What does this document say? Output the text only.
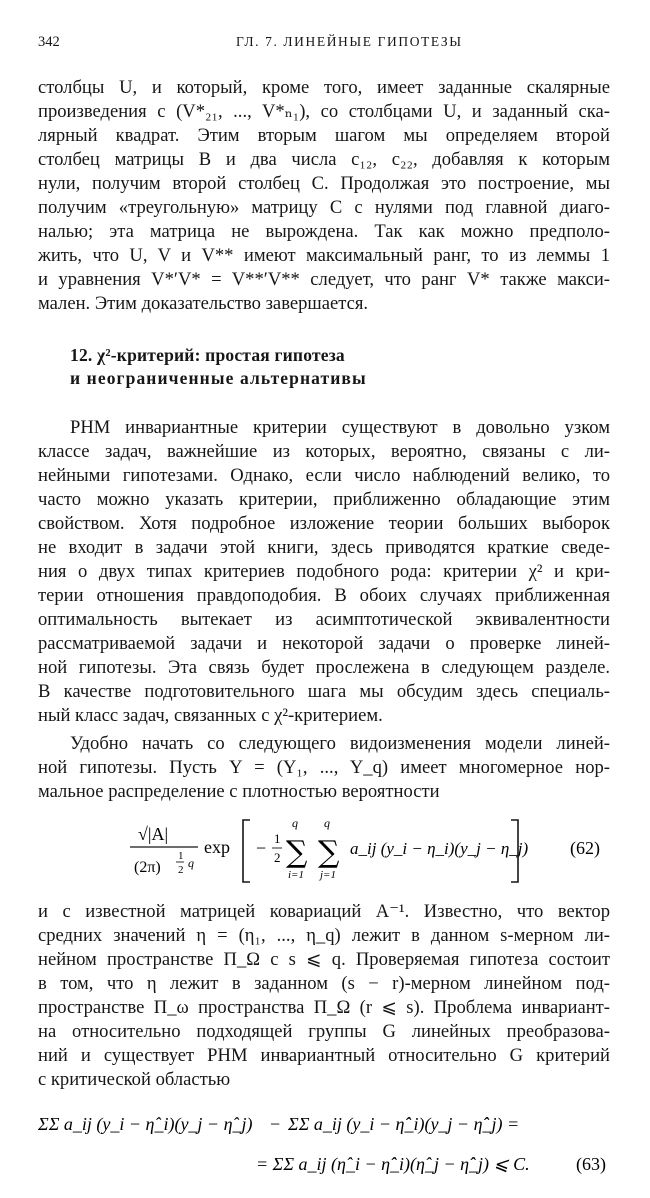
342	ГЛ. 7. ЛИНЕЙНЫЕ ГИПОТЕЗЫ
столбцы U, и который, кроме того, имеет заданные скалярные
произведения с (V*₂₁, ..., V*ₙ₁), со столбцами U, и заданный ска-
лярный квадрат. Этим вторым шагом мы определяем второй
столбец матрицы B и два числа c₁₂, c₂₂, добавляя к которым
нули, получим второй столбец C. Продолжая это построение, мы
получим «треугольную» матрицу C с нулями под главной диаго-
налью; эта матрица не вырождена. Так как можно предполо-
жить, что U, V и V** имеют максимальный ранг, то из леммы 1
и уравнения V*′V* = V**′V** следует, что ранг V* также макси-
мален. Этим доказательство завершается.
12. χ²-критерий: простая гипотеза
и неограниченные альтернативы
РНМ инвариантные критерии существуют в довольно узком
классе задач, важнейшие из которых, вероятно, связаны с ли-
нейными гипотезами. Однако, если число наблюдений велико, то
часто можно указать критерии, приближенно обладающие этим
свойством. Хотя подробное изложение теории больших выборок
не входит в задачи этой книги, здесь приводятся краткие сведе-
ния о двух типах критериев подобного рода: критерии χ² и кри-
терии отношения правдоподобия. В обоих случаях приближенная
оптимальность вытекает из асимптотической эквивалентности
рассматриваемой задачи и некоторой задачи о проверке линей-
ной гипотезы. Эта связь будет прослежена в следующем разделе.
В качестве подготовительного шага мы обсудим здесь специаль-
ный класс задач, связанных с χ²-критерием.
Удобно начать со следующего видоизменения модели линей-
ной гипотезы. Пусть Y = (Y₁, ..., Y_q) имеет многомерное нор-
мальное распределение с плотностью вероятности
√|A|
(2π)
1
2 q
exp − 1
2
q
∑
i=1
q
∑
j=1
a_ij (y_i − η_i)(y_j − η_j) (62)
и с известной матрицей ковариаций A⁻¹. Известно, что вектор
средних значений η = (η₁, ..., η_q) лежит в данном s-мерном ли-
нейном пространстве Π_Ω с s ⩽ q. Проверяемая гипотеза состоит
в том, что η лежит в заданном (s − r)-мерном линейном под-
пространстве Π_ω пространства Π_Ω (r ⩽ s). Проблема инвариант-
на относительно подходящей группы G линейных преобразова-
ний и существует РНМ инвариантный относительно G критерий
с критической областью
ΣΣ a_ij (y_i − η̂_i)(y_j − η̂_j) − ΣΣ a_ij (y_i − η̂̂_i)(y_j − η̂̂_j) =
= ΣΣ a_ij (η̂_i − η̂̂_i)(η̂_j − η̂̂_j) ⩽ C.	(63)
